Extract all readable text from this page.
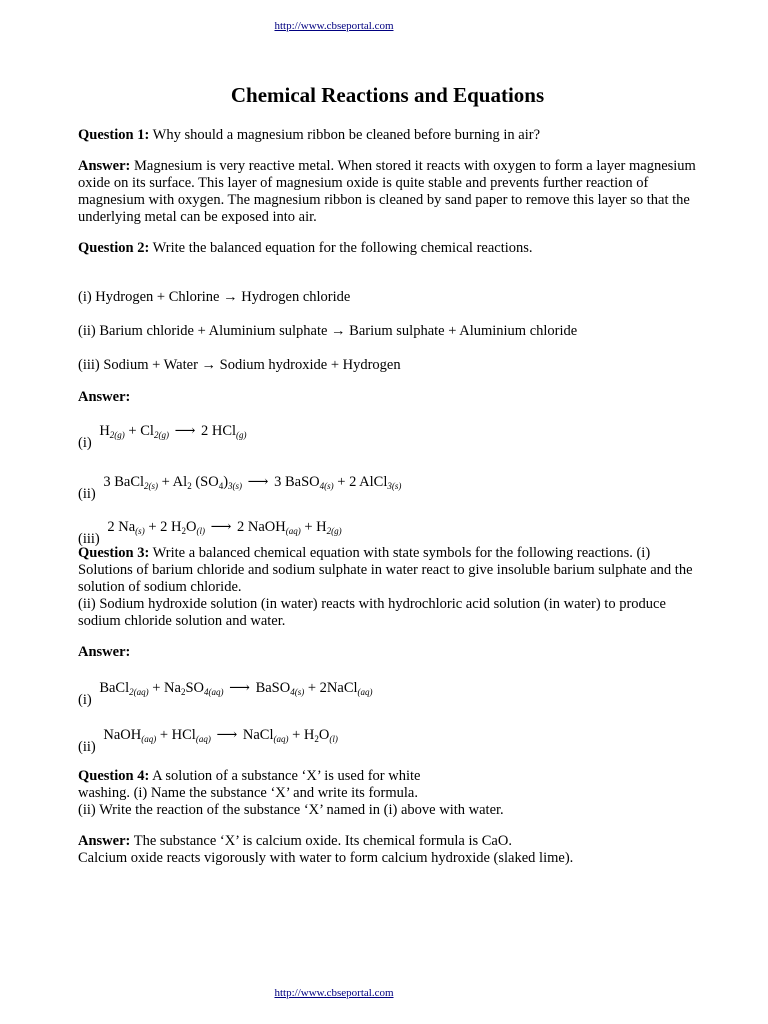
http://www.cbseportal.com
Chemical Reactions and Equations

Question 1: Why should a magnesium ribbon be cleaned before burning in air?

Answer: Magnesium is very reactive metal. When stored it reacts with oxygen to form a layer magnesium oxide on its surface. This layer of magnesium oxide is quite stable and prevents further reaction of magnesium with oxygen. The magnesium ribbon is cleaned by sand paper to remove this layer so that the underlying metal can be exposed into air.

Question 2: Write the balanced equation for the following chemical reactions.

(i) Hydrogen + Chlorine → Hydrogen chloride

(ii) Barium chloride + Aluminium sulphate → Barium sulphate + Aluminium chloride

(iii) Sodium + Water → Sodium hydroxide + Hydrogen

Answer:

(i) $H_{2(g)} + Cl_{2(g)}$ ⟶ 2 HCl$_{(g)}$
(ii) 3 BaCl$_{2(s)}$ + $Al_2$ $(SO_4)_{3(s)}$ ⟶ 3 BaSO$_{4(s)}$ + 2 AlCl$_{3(s)}$
(iii) 2 $Na_{(s)} + 2$ $H_2O_{(l)}$ ⟶ 2 NaOH$_{(aq)}$ + $H_{2(g)}$

Question 3: Write a balanced chemical equation with state symbols for the following reactions. (i) Solutions of barium chloride and sodium sulphate in water react to give insoluble barium sulphate and the solution of sodium chloride.
(ii) Sodium hydroxide solution (in water) reacts with hydrochloric acid solution (in water) to produce sodium chloride solution and water.

Answer:

(i) BaCl$_{2(aq)}$ + $Na_2SO_{4(aq)}$ ⟶ BaSO$_{4(s)}$ + 2NaCl$_{(aq)}$
(ii) NaOH$_{(aq)}$ + HCl$_{(aq)}$ ⟶ NaCl$_{(aq)}$ + $H_2O_{(l)}$

Question 4: A solution of a substance ‘X’ is used for white
washing. (i) Name the substance ‘X’ and write its formula.
(ii) Write the reaction of the substance ‘X’ named in (i) above with water.

Answer: The substance ‘X’ is calcium oxide. Its chemical formula is CaO.
Calcium oxide reacts vigorously with water to form calcium hydroxide (slaked lime).

http://www.cbseportal.com
